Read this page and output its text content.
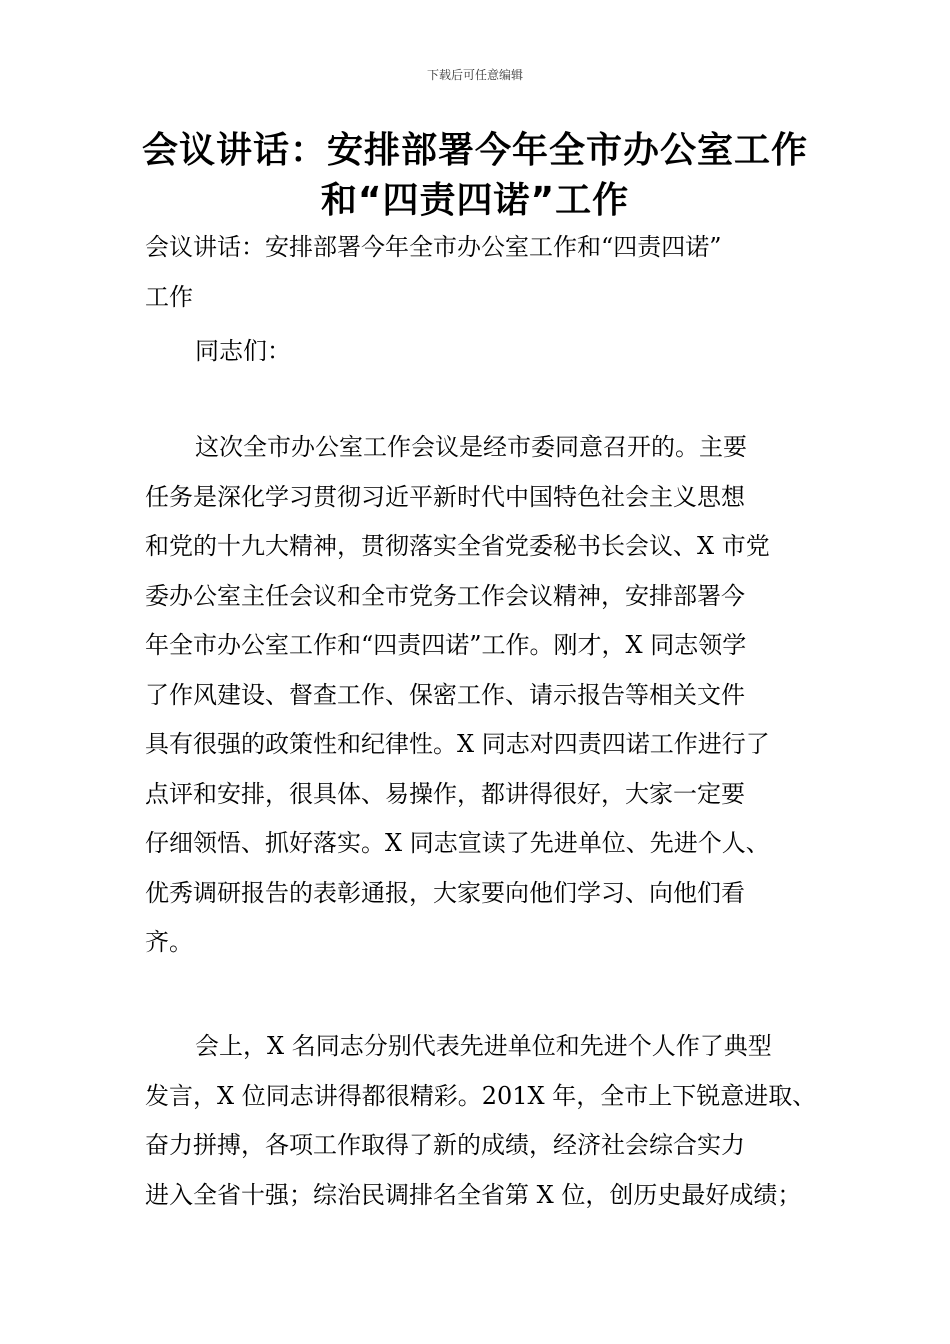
下载后可任意编辑
会议讲话：安排部署今年全市办公室工作
和“四责四诺”工作
会议讲话：安排部署今年全市办公室工作和“四责四诺”
工作
同志们：
这次全市办公室工作会议是经市委同意召开的。主要
任务是深化学习贯彻习近平新时代中国特色社会主义思想
和党的十九大精神，贯彻落实全省党委秘书长会议、X 市党
委办公室主任会议和全市党务工作会议精神，安排部署今
年全市办公室工作和“四责四诺”工作。刚才，X 同志领学
了作风建设、督查工作、保密工作、请示报告等相关文件
具有很强的政策性和纪律性。X 同志对四责四诺工作进行了
点评和安排，很具体、易操作，都讲得很好，大家一定要
仔细领悟、抓好落实。X 同志宣读了先进单位、先进个人、
优秀调研报告的表彰通报，大家要向他们学习、向他们看
齐。
会上，X 名同志分别代表先进单位和先进个人作了典型
发言，X 位同志讲得都很精彩。201X 年，全市上下锐意进取、
奋力拼搏，各项工作取得了新的成绩，经济社会综合实力
进入全省十强；综治民调排名全省第 X 位，创历史最好成绩；
